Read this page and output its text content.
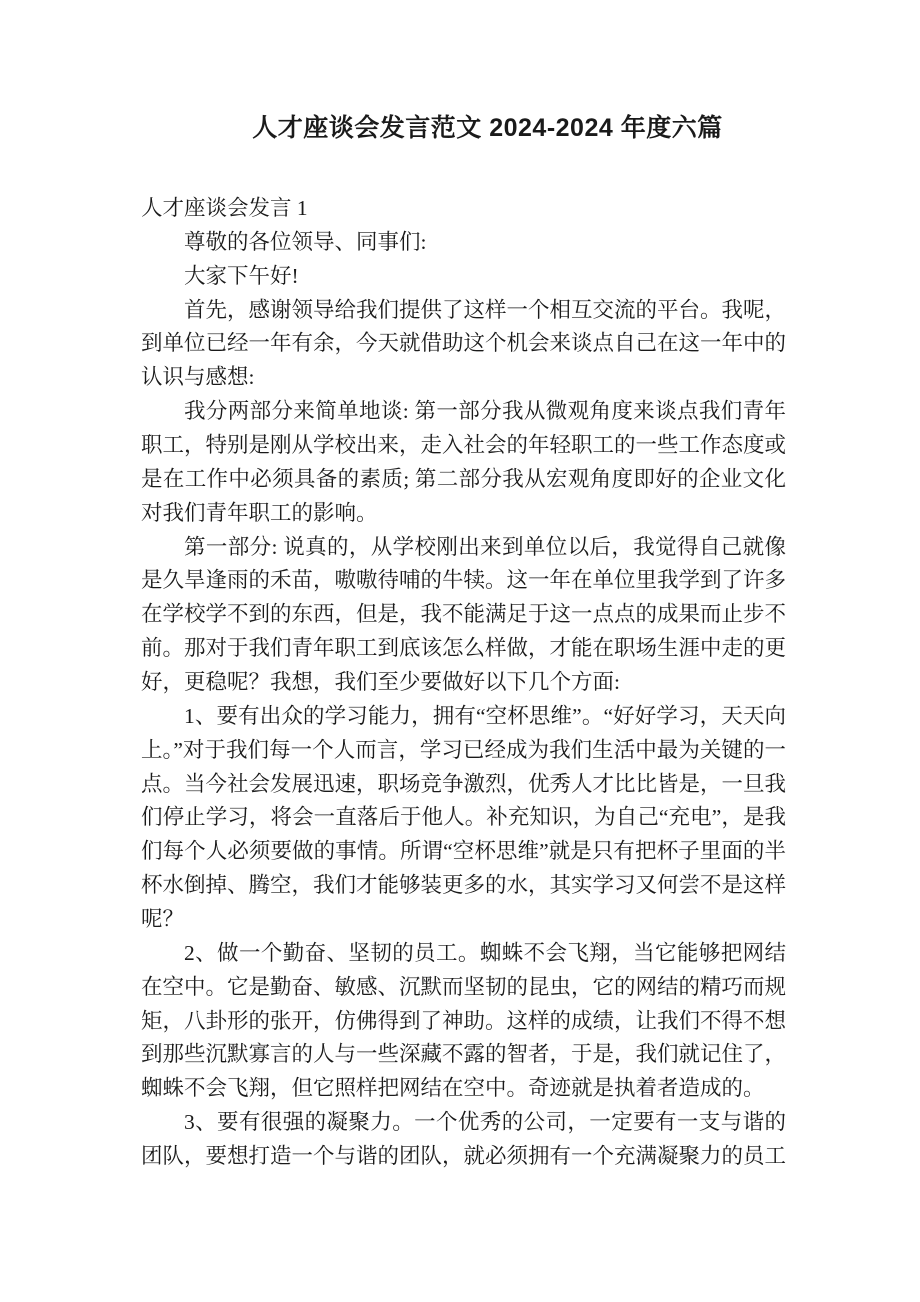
人才座谈会发言范文 2024-2024 年度六篇

人才座谈会发言 1

尊敬的各位领导、同事们:

大家下午好!

首先，感谢领导给我们提供了这样一个相互交流的平台。我呢，到单位已经一年有余，今天就借助这个机会来谈点自己在这一年中的认识与感想:

我分两部分来简单地谈: 第一部分我从微观角度来谈点我们青年职工，特别是刚从学校出来，走入社会的年轻职工的一些工作态度或是在工作中必须具备的素质; 第二部分我从宏观角度即好的企业文化对我们青年职工的影响。

第一部分: 说真的，从学校刚出来到单位以后，我觉得自己就像是久旱逢雨的禾苗，嗷嗷待哺的牛犊。这一年在单位里我学到了许多在学校学不到的东西，但是，我不能满足于这一点点的成果而止步不前。那对于我们青年职工到底该怎么样做，才能在职场生涯中走的更好，更稳呢？我想，我们至少要做好以下几个方面:

1、要有出众的学习能力，拥有“空杯思维”。“好好学习，天天向上。”对于我们每一个人而言，学习已经成为我们生活中最为关键的一点。当今社会发展迅速，职场竞争激烈，优秀人才比比皆是，一旦我们停止学习，将会一直落后于他人。补充知识，为自己“充电”，是我们每个人必须要做的事情。所谓“空杯思维”就是只有把杯子里面的半杯水倒掉、腾空，我们才能够装更多的水，其实学习又何尝不是这样呢？

2、做一个勤奋、坚韧的员工。蜘蛛不会飞翔，当它能够把网结在空中。它是勤奋、敏感、沉默而坚韧的昆虫，它的网结的精巧而规矩，八卦形的张开，仿佛得到了神助。这样的成绩，让我们不得不想到那些沉默寡言的人与一些深藏不露的智者，于是，我们就记住了，蜘蛛不会飞翔，但它照样把网结在空中。奇迹就是执着者造成的。

3、要有很强的凝聚力。一个优秀的公司，一定要有一支与谐的团队，要想打造一个与谐的团队，就必须拥有一个充满凝聚力的员工
